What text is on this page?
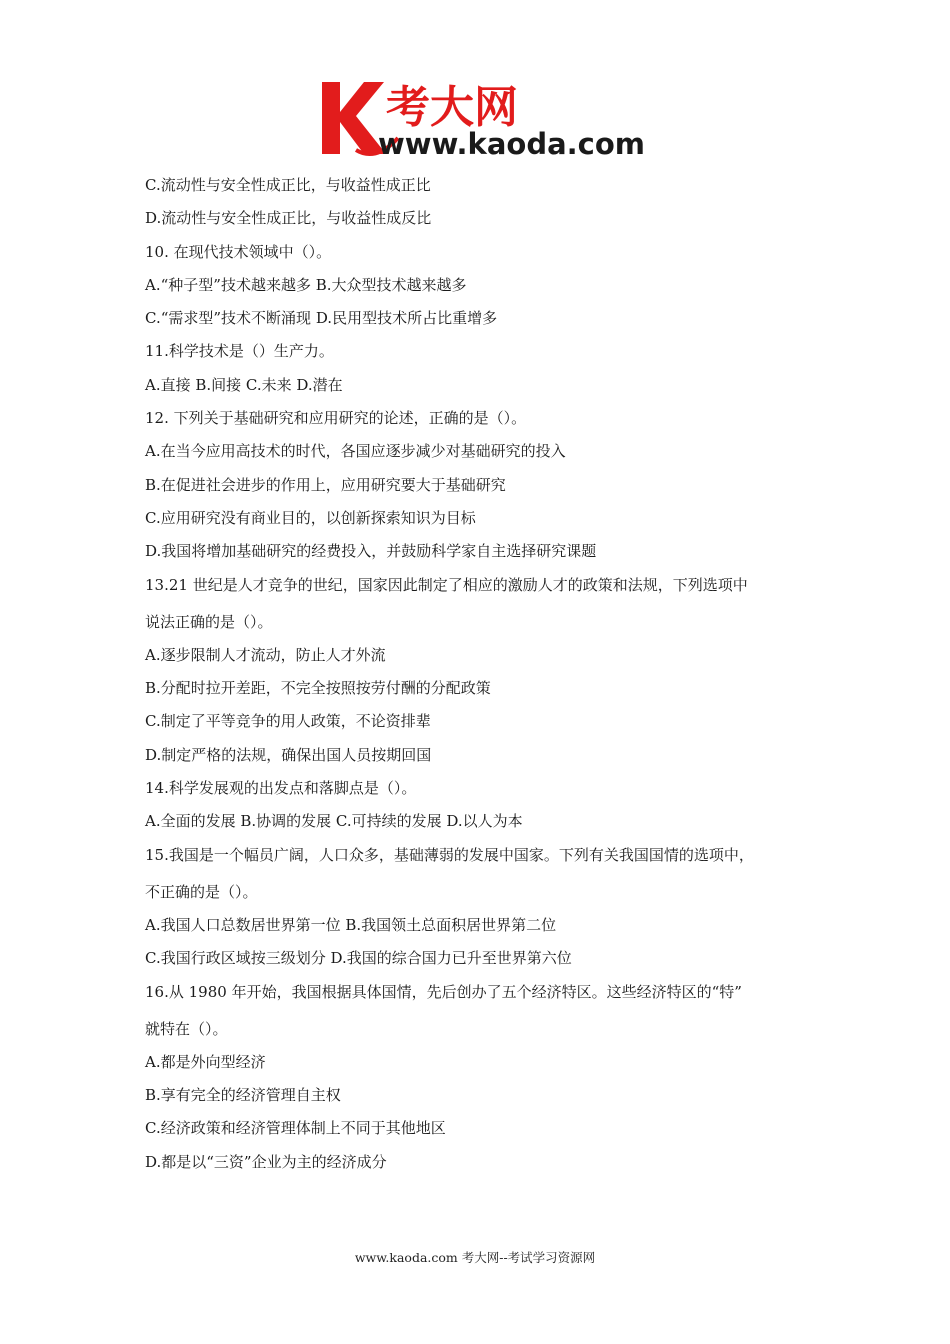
考大网
www.kaoda.com
C.流动性与安全性成正比，与收益性成正比
D.流动性与安全性成正比，与收益性成反比
10. 在现代技术领域中（）。
A.“种子型”技术越来越多 B.大众型技术越来越多
C.“需求型”技术不断涌现 D.民用型技术所占比重增多
11.科学技术是（）生产力。
A.直接 B.间接 C.未来 D.潜在
12. 下列关于基础研究和应用研究的论述，正确的是（）。
A.在当今应用高技术的时代，各国应逐步减少对基础研究的投入
B.在促进社会进步的作用上，应用研究要大于基础研究
C.应用研究没有商业目的，以创新探索知识为目标
D.我国将增加基础研究的经费投入，并鼓励科学家自主选择研究课题
13.21 世纪是人才竞争的世纪，国家因此制定了相应的激励人才的政策和法规，下列选项中
说法正确的是（）。
A.逐步限制人才流动，防止人才外流
B.分配时拉开差距，不完全按照按劳付酬的分配政策
C.制定了平等竞争的用人政策，不论资排辈
D.制定严格的法规，确保出国人员按期回国
14.科学发展观的出发点和落脚点是（）。
A.全面的发展 B.协调的发展 C.可持续的发展 D.以人为本
15.我国是一个幅员广阔，人口众多，基础薄弱的发展中国家。下列有关我国国情的选项中，
不正确的是（）。
A.我国人口总数居世界第一位 B.我国领土总面积居世界第二位
C.我国行政区域按三级划分 D.我国的综合国力已升至世界第六位
16.从 1980 年开始，我国根据具体国情，先后创办了五个经济特区。这些经济特区的“特”
就特在（）。
A.都是外向型经济
B.享有完全的经济管理自主权
C.经济政策和经济管理体制上不同于其他地区
D.都是以“三资”企业为主的经济成分
www.kaoda.com 考大网--考试学习资源网
